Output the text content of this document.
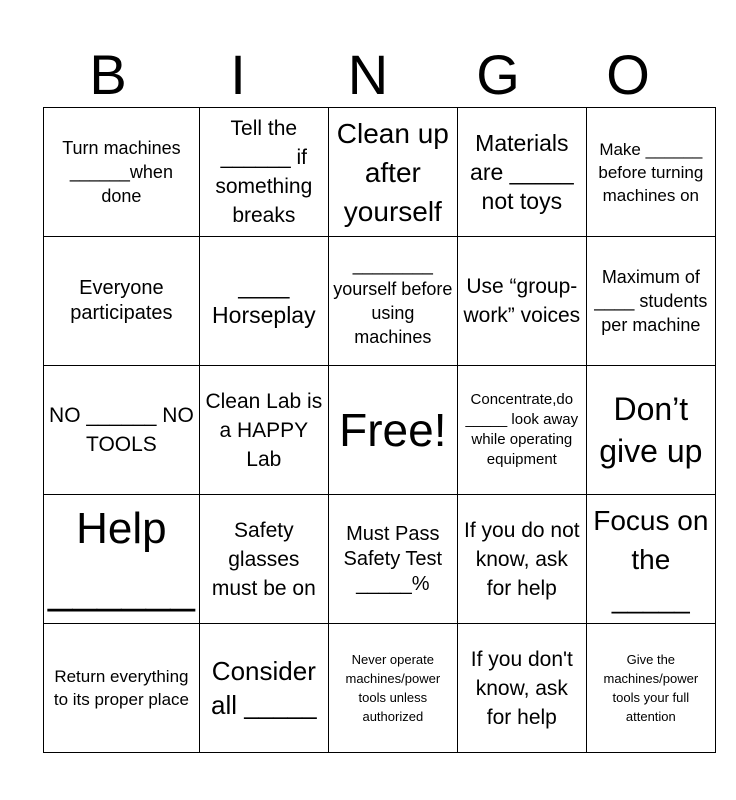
B	I	N	G	O
Turn machines ______when done	Tell the ______ if something breaks	Clean up after yourself	Materials are _____ not toys	Make ______ before turning machines on
Everyone participates	____ Horseplay	________ yourself before using machines	Use “group-work” voices	Maximum of ____ students per machine
NO ______ NO TOOLS	Clean Lab is a HAPPY Lab	Free!	Concentrate,do _____ look away while operating equipment	Don’t give up
Help ______	Safety glasses must be on	Must Pass Safety Test _____%	If you do not know, ask for help	Focus on the _____
Return everything to its proper place	Consider all _____	Never operate machines/power tools unless authorized	If you don't know, ask for help	Give the machines/power tools your full attention
